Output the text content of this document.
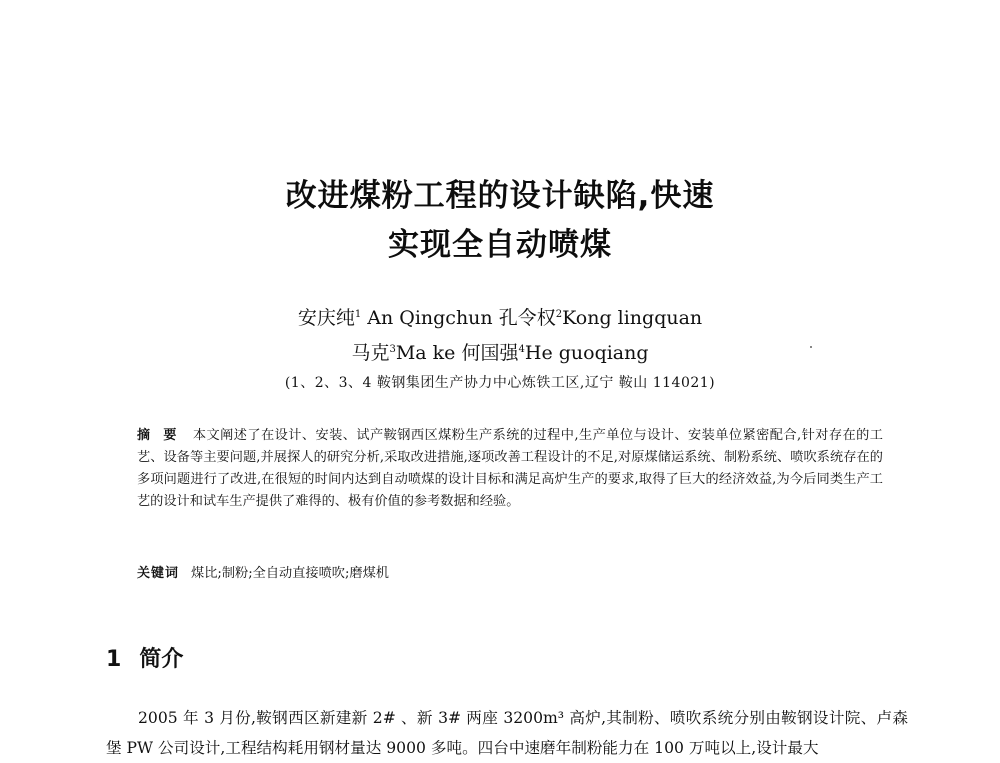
改进煤粉工程的设计缺陷,快速
实现全自动喷煤
安庆纯$^1$ An Qingchun 孔令权$^2$Kong lingquan
马克$^3$Ma ke 何国强$^4$He guoqiang
(1、2、3、4 鞍钢集团生产协力中心炼铁工区,辽宁 鞍山 114021)
摘 要 本文阐述了在设计、安装、试产鞍钢西区煤粉生产系统的过程中,生产单位与设计、安装单位紧密配合,针对存在的工艺、设备等主要问题,并展探人的研究分析,采取改进措施,逐项改善工程设计的不足,对原煤储运系统、制粉系统、喷吹系统存在的多项问题进行了改进,在很短的时间内达到自动喷煤的设计目标和满足高炉生产的要求,取得了巨大的经济效益,为今后同类生产工艺的设计和试车生产提供了难得的、极有价值的参考数据和经验。
关键词 煤比;制粉;全自动直接喷吹;磨煤机
1 简介
2005 年 3 月份,鞍钢西区新建新 2# 、新 3# 两座 3200m³ 高炉,其制粉、喷吹系统分别由鞍钢设计院、卢森堡 PW 公司设计,工程结构耗用钢材量达 9000 多吨。四台中速磨年制粉能力在 100 万吨以上,设计最大
